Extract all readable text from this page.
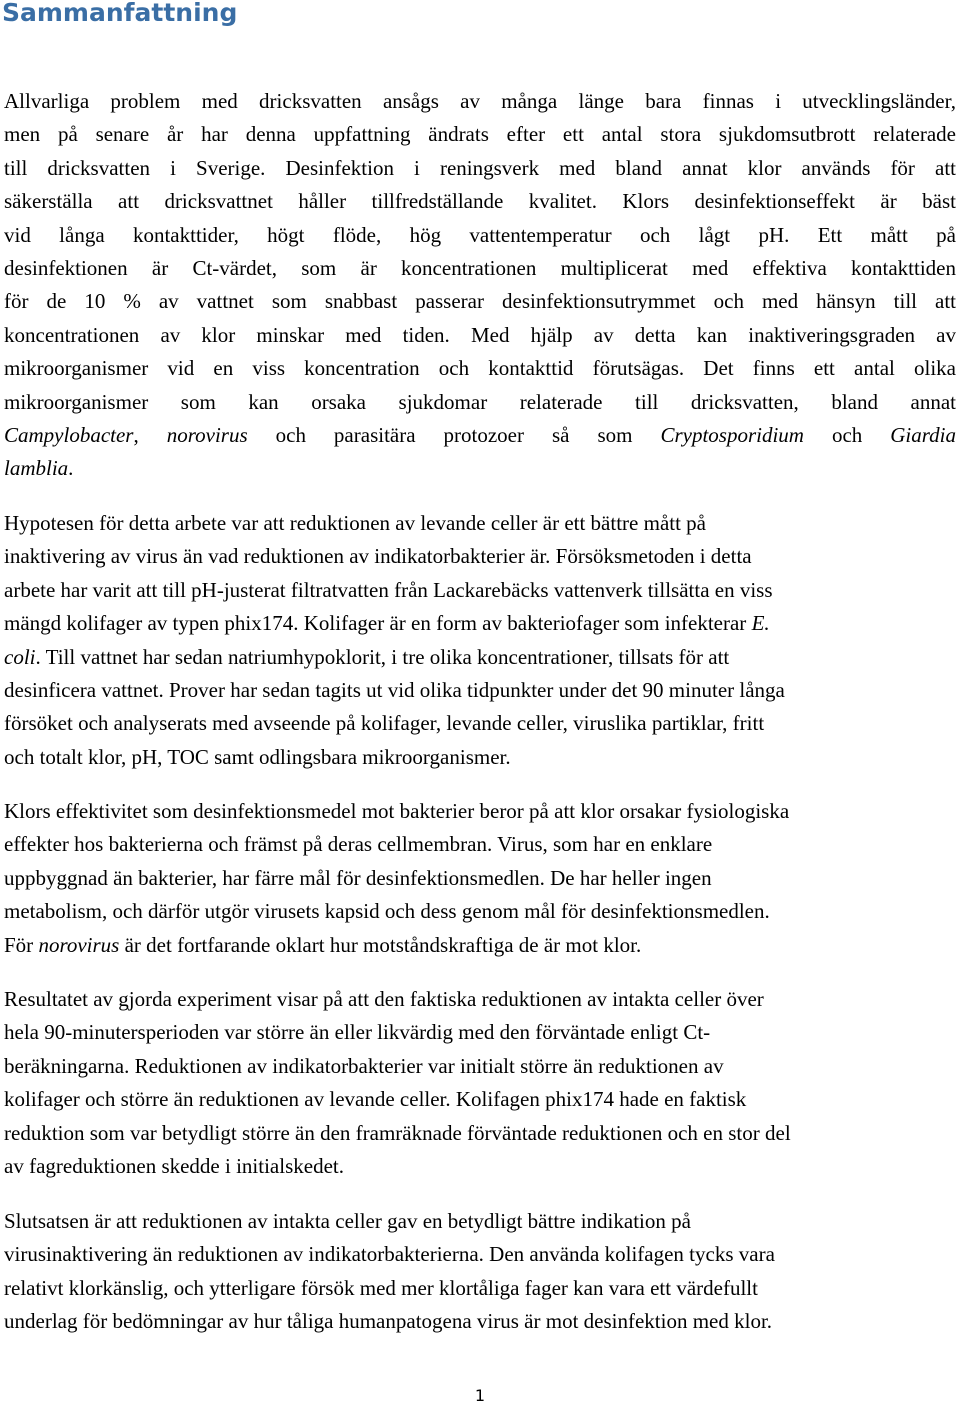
Sammanfattning

Allvarliga problem med dricksvatten ansågs av många länge bara finnas i utvecklingsländer,
men på senare år har denna uppfattning ändrats efter ett antal stora sjukdomsutbrott relaterade
till dricksvatten i Sverige. Desinfektion i reningsverk med bland annat klor används för att
säkerställa att dricksvattnet håller tillfredställande kvalitet. Klors desinfektionseffekt är bäst
vid långa kontakttider, högt flöde, hög vattentemperatur och lågt pH. Ett mått på
desinfektionen är Ct-värdet, som är koncentrationen multiplicerat med effektiva kontakttiden
för de 10 % av vattnet som snabbast passerar desinfektionsutrymmet och med hänsyn till att
koncentrationen av klor minskar med tiden. Med hjälp av detta kan inaktiveringsgraden av
mikroorganismer vid en viss koncentration och kontakttid förutsägas. Det finns ett antal olika
mikroorganismer som kan orsaka sjukdomar relaterade till dricksvatten, bland annat
Campylobacter, norovirus och parasitära protozoer så som Cryptosporidium och Giardia
lamblia.

Hypotesen för detta arbete var att reduktionen av levande celler är ett bättre mått på
inaktivering av virus än vad reduktionen av indikatorbakterier är. Försöksmetoden i detta
arbete har varit att till pH-justerat filtratvatten från Lackarebäcks vattenverk tillsätta en viss
mängd kolifager av typen phix174. Kolifager är en form av bakteriofager som infekterar E.
coli. Till vattnet har sedan natriumhypoklorit, i tre olika koncentrationer, tillsats för att
desinficera vattnet. Prover har sedan tagits ut vid olika tidpunkter under det 90 minuter långa
försöket och analyserats med avseende på kolifager, levande celler, viruslika partiklar, fritt
och totalt klor, pH, TOC samt odlingsbara mikroorganismer.

Klors effektivitet som desinfektionsmedel mot bakterier beror på att klor orsakar fysiologiska
effekter hos bakterierna och främst på deras cellmembran. Virus, som har en enklare
uppbyggnad än bakterier, har färre mål för desinfektionsmedlen. De har heller ingen
metabolism, och därför utgör virusets kapsid och dess genom mål för desinfektionsmedlen.
För norovirus är det fortfarande oklart hur motståndskraftiga de är mot klor.

Resultatet av gjorda experiment visar på att den faktiska reduktionen av intakta celler över
hela 90-minutersperioden var större än eller likvärdig med den förväntade enligt Ct-
beräkningarna. Reduktionen av indikatorbakterier var initialt större än reduktionen av
kolifager och större än reduktionen av levande celler. Kolifagen phix174 hade en faktisk
reduktion som var betydligt större än den framräknade förväntade reduktionen och en stor del
av fagreduktionen skedde i initialskedet.

Slutsatsen är att reduktionen av intakta celler gav en betydligt bättre indikation på
virusinaktivering än reduktionen av indikatorbakterierna. Den använda kolifagen tycks vara
relativt klorkänslig, och ytterligare försök med mer klortåliga fager kan vara ett värdefullt
underlag för bedömningar av hur tåliga humanpatogena virus är mot desinfektion med klor.

1
